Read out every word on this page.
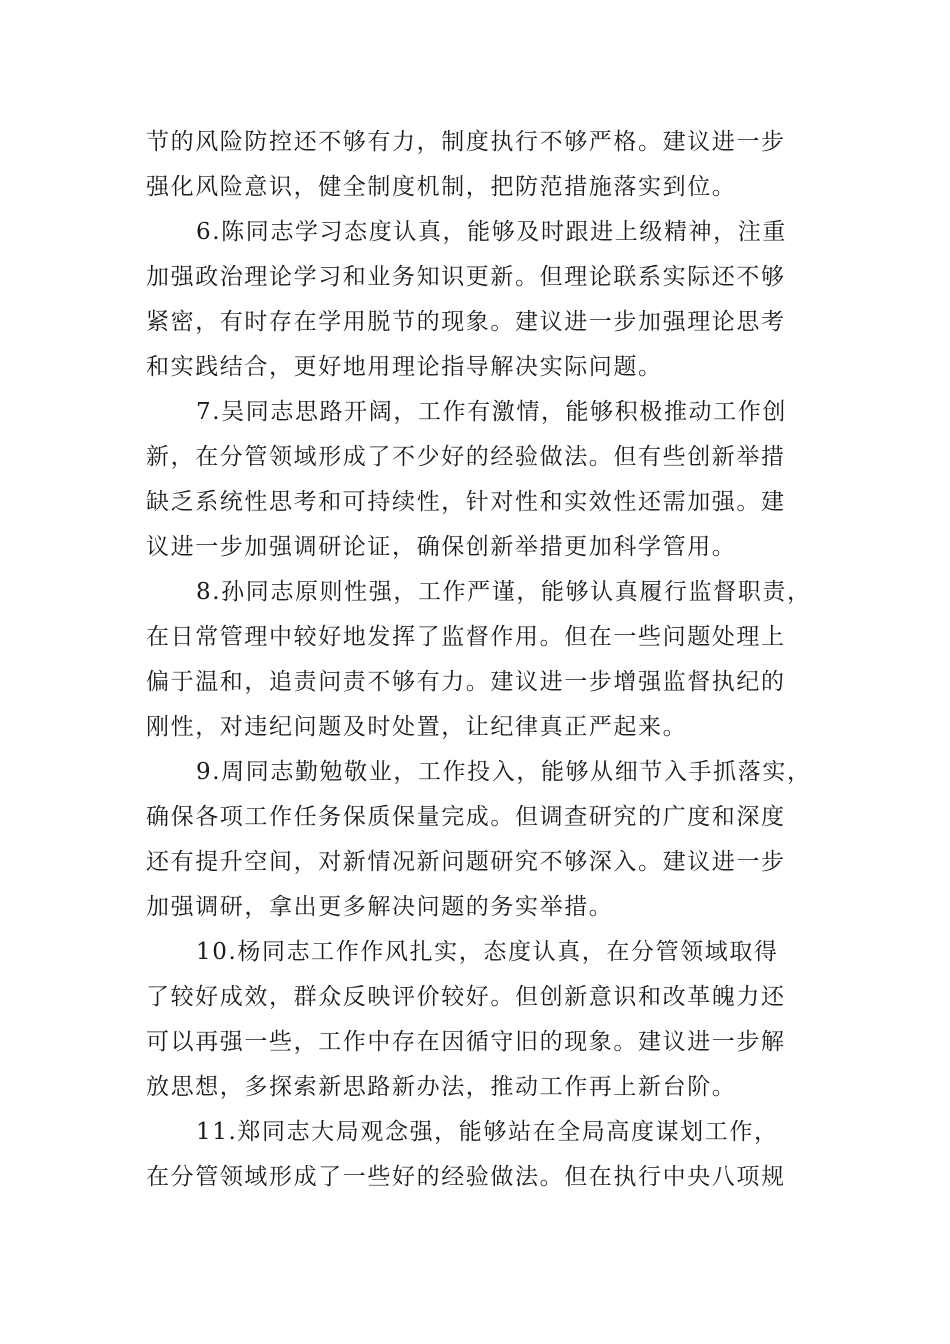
节的风险防控还不够有力，制度执行不够严格。建议进一步
强化风险意识，健全制度机制，把防范措施落实到位。
6.陈同志学习态度认真，能够及时跟进上级精神，注重
加强政治理论学习和业务知识更新。但理论联系实际还不够
紧密，有时存在学用脱节的现象。建议进一步加强理论思考
和实践结合，更好地用理论指导解决实际问题。
7.吴同志思路开阔，工作有激情，能够积极推动工作创
新，在分管领域形成了不少好的经验做法。但有些创新举措
缺乏系统性思考和可持续性，针对性和实效性还需加强。建
议进一步加强调研论证，确保创新举措更加科学管用。
8.孙同志原则性强，工作严谨，能够认真履行监督职责，
在日常管理中较好地发挥了监督作用。但在一些问题处理上
偏于温和，追责问责不够有力。建议进一步增强监督执纪的
刚性，对违纪问题及时处置，让纪律真正严起来。
9.周同志勤勉敬业，工作投入，能够从细节入手抓落实，
确保各项工作任务保质保量完成。但调查研究的广度和深度
还有提升空间，对新情况新问题研究不够深入。建议进一步
加强调研，拿出更多解决问题的务实举措。
10.杨同志工作作风扎实，态度认真，在分管领域取得
了较好成效，群众反映评价较好。但创新意识和改革魄力还
可以再强一些，工作中存在因循守旧的现象。建议进一步解
放思想，多探索新思路新办法，推动工作再上新台阶。
11.郑同志大局观念强，能够站在全局高度谋划工作，
在分管领域形成了一些好的经验做法。但在执行中央八项规
